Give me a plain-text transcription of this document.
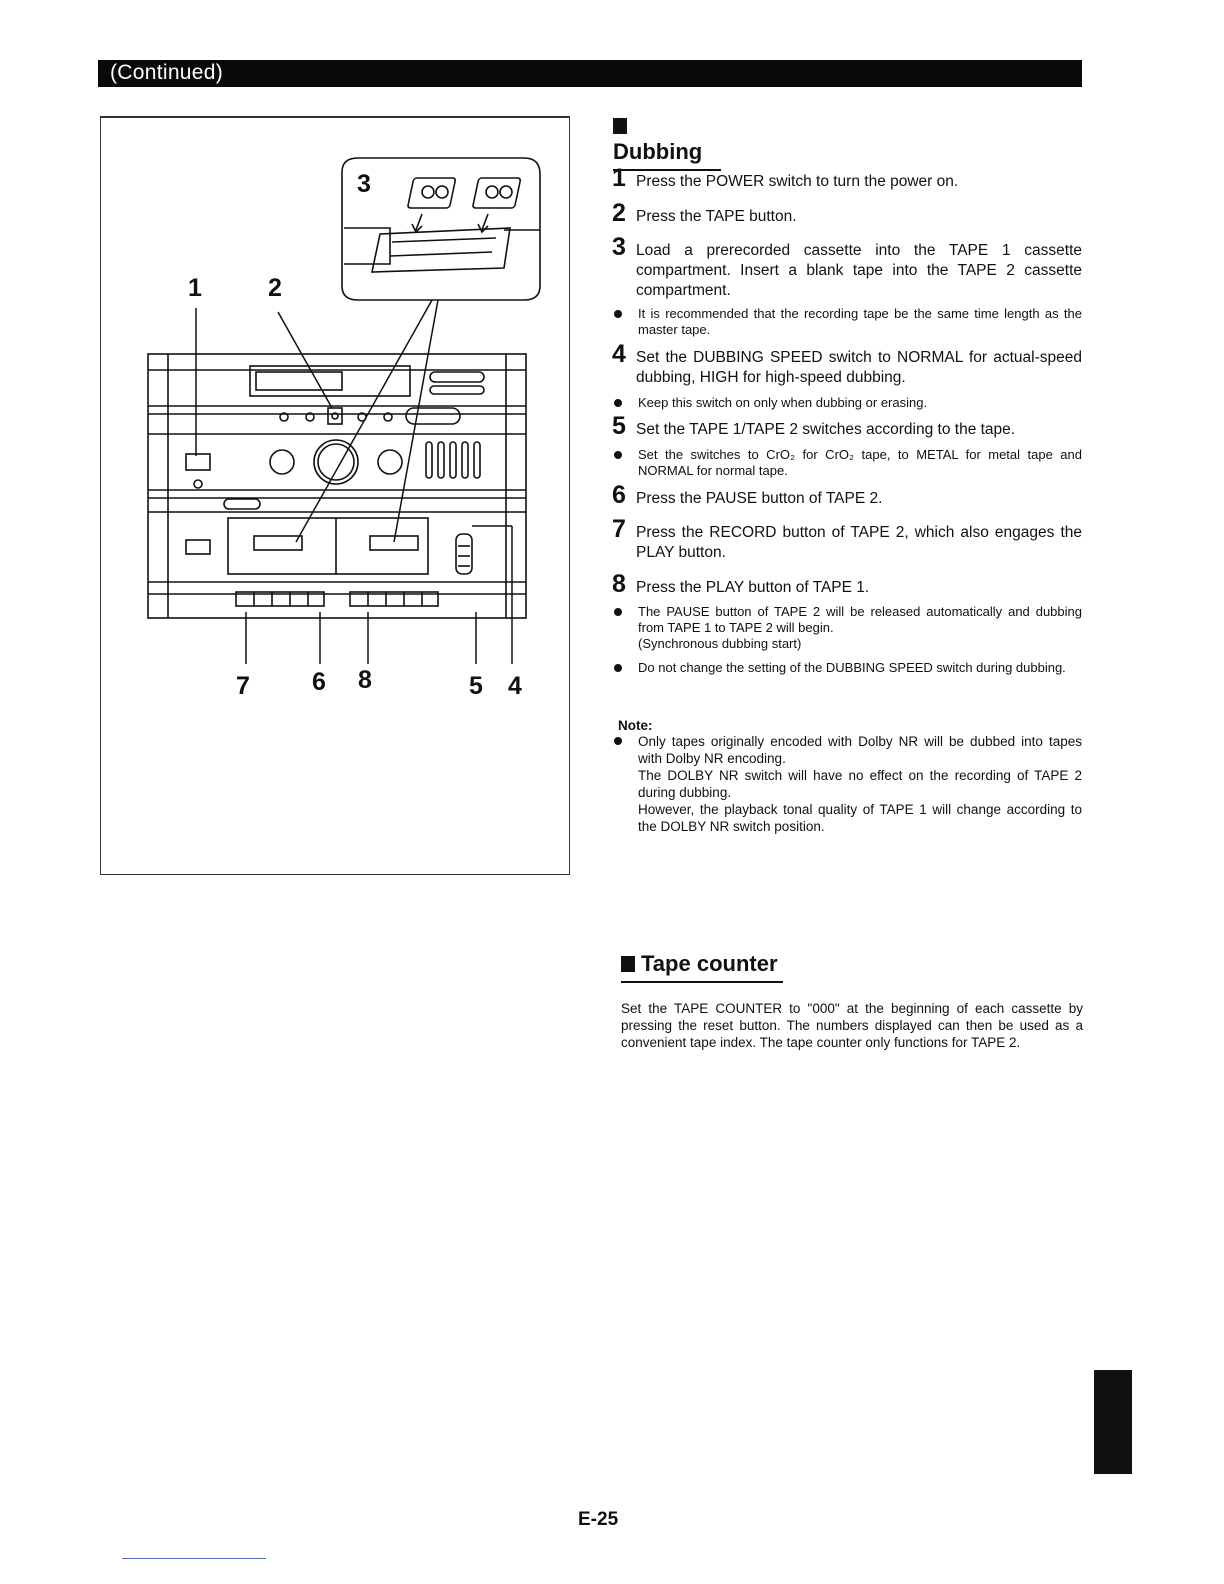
(Continued)
1	2
3
7 6 8	5 4
Dubbing
1 Press the POWER switch to turn the power on.
2 Press the TAPE button.
3 Load a prerecorded cassette into the TAPE 1 cassette compartment. Insert a blank tape into the TAPE 2 cassette compartment.
It is recommended that the recording tape be the same time length as the master tape.
4 Set the DUBBING SPEED switch to NORMAL for actual-speed dubbing, HIGH for high-speed dubbing.
Keep this switch on only when dubbing or erasing.
5 Set the TAPE 1/TAPE 2 switches according to the tape.
Set the switches to CrO₂ for CrO₂ tape, to METAL for metal tape and NORMAL for normal tape.
6 Press the PAUSE button of TAPE 2.
7 Press the RECORD button of TAPE 2, which also engages the PLAY button.
8 Press the PLAY button of TAPE 1.
The PAUSE button of TAPE 2 will be released automatically and dubbing from TAPE 1 to TAPE 2 will begin.
(Synchronous dubbing start)
Do not change the setting of the DUBBING SPEED switch during dubbing.
Note:
Only tapes originally encoded with Dolby NR will be dubbed into tapes with Dolby NR encoding.
The DOLBY NR switch will have no effect on the recording of TAPE 2 during dubbing.
However, the playback tonal quality of TAPE 1 will change according to the DOLBY NR switch position.
Tape counter
Set the TAPE COUNTER to "000" at the beginning of each cassette by pressing the reset button. The numbers displayed can then be used as a convenient tape index. The tape counter only functions for TAPE 2.
E-25
